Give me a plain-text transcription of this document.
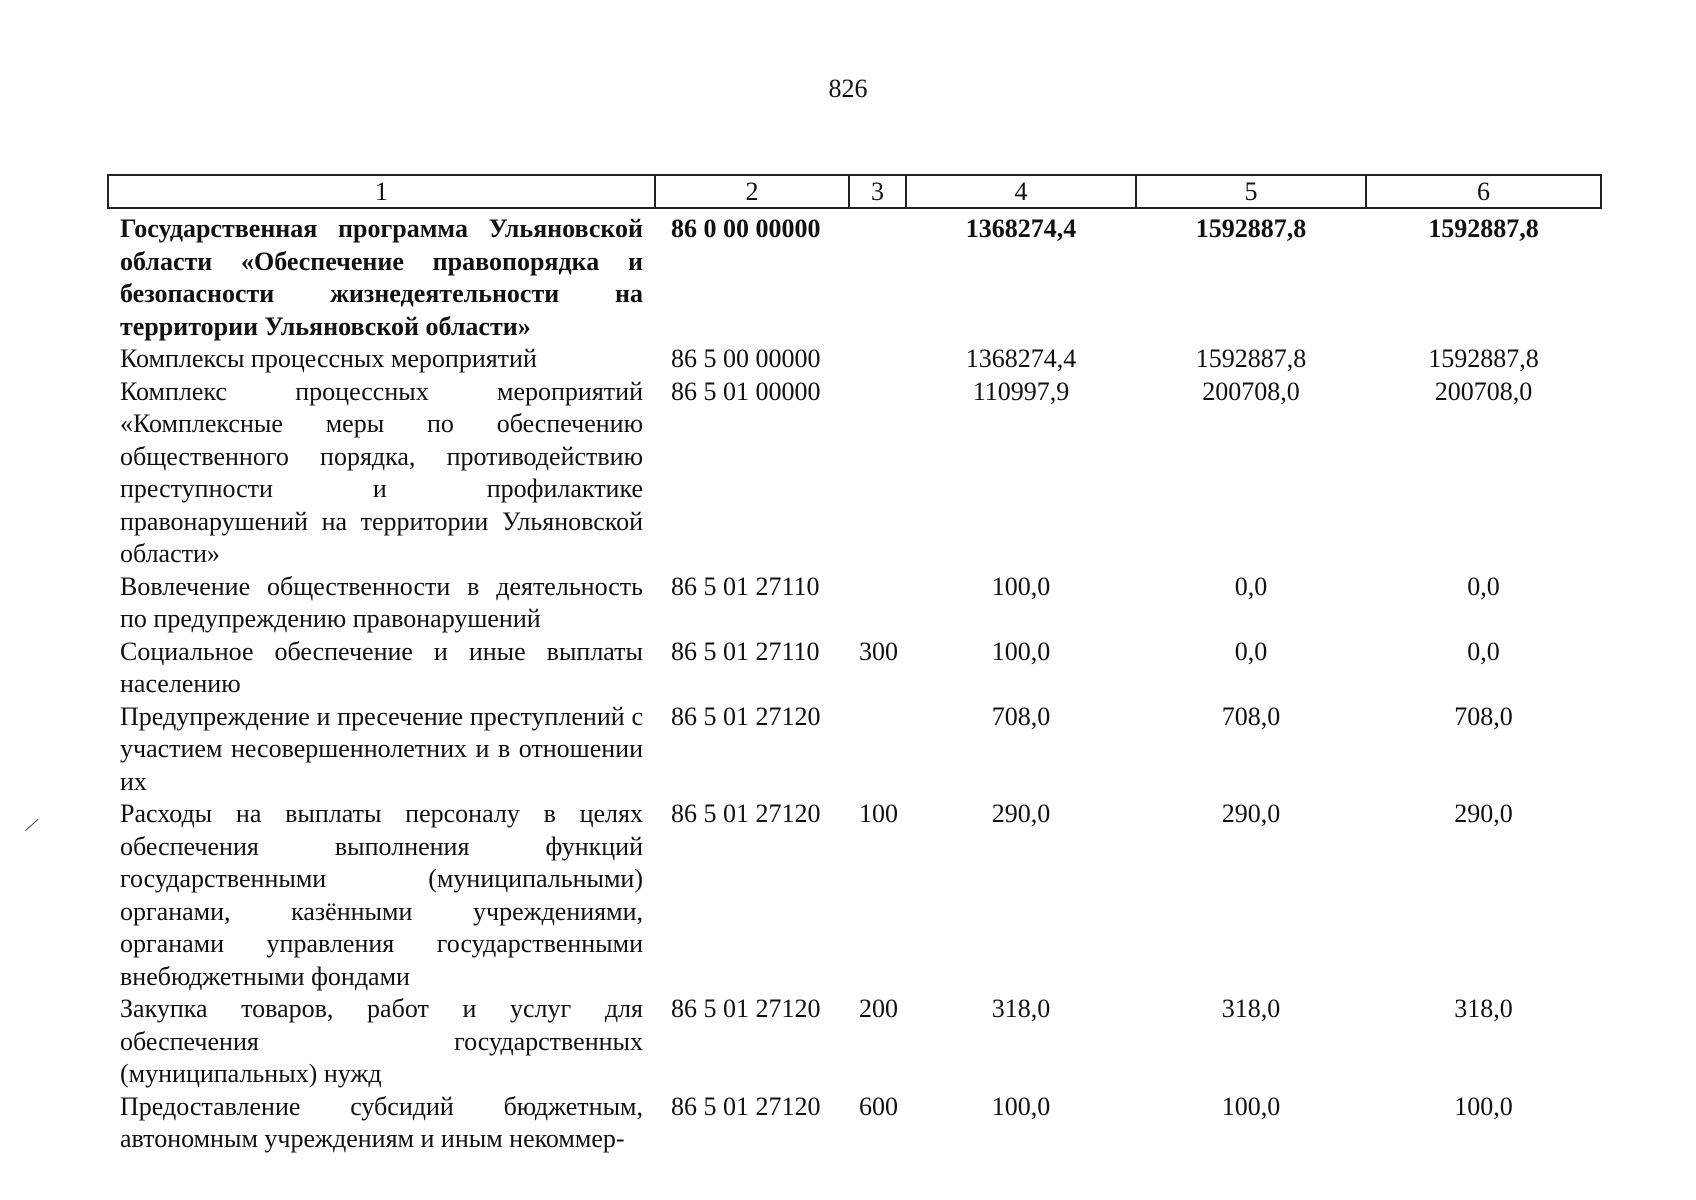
826
1	2	3	4	5	6
Государственная программа Ульяновской области «Обеспечение правопорядка и безопасности жизнедеятельности на территории Ульяновской области»	86 0 00 00000		1368274,4	1592887,8	1592887,8
Комплексы процессных мероприятий	86 5 00 00000		1368274,4	1592887,8	1592887,8
Комплекс процессных мероприятий «Комплексные меры по обеспечению общественного порядка, противодействию преступности и профилактике правонарушений на территории Ульяновской области»	86 5 01 00000		110997,9	200708,0	200708,0
Вовлечение общественности в деятельность по предупреждению правонарушений	86 5 01 27110		100,0	0,0	0,0
Социальное обеспечение и иные выплаты населению	86 5 01 27110	300	100,0	0,0	0,0
Предупреждение и пресечение преступлений с участием несовершеннолетних и в отношении их	86 5 01 27120		708,0	708,0	708,0
Расходы на выплаты персоналу в целях обеспечения выполнения функций государственными (муниципальными) органами, казёнными учреждениями, органами управления государственными внебюджетными фондами	86 5 01 27120	100	290,0	290,0	290,0
Закупка товаров, работ и услуг для обеспечения государственных (муниципальных) нужд	86 5 01 27120	200	318,0	318,0	318,0
Предоставление субсидий бюджетным, автономным учреждениям и иным некоммер-	86 5 01 27120	600	100,0	100,0	100,0
⁄
